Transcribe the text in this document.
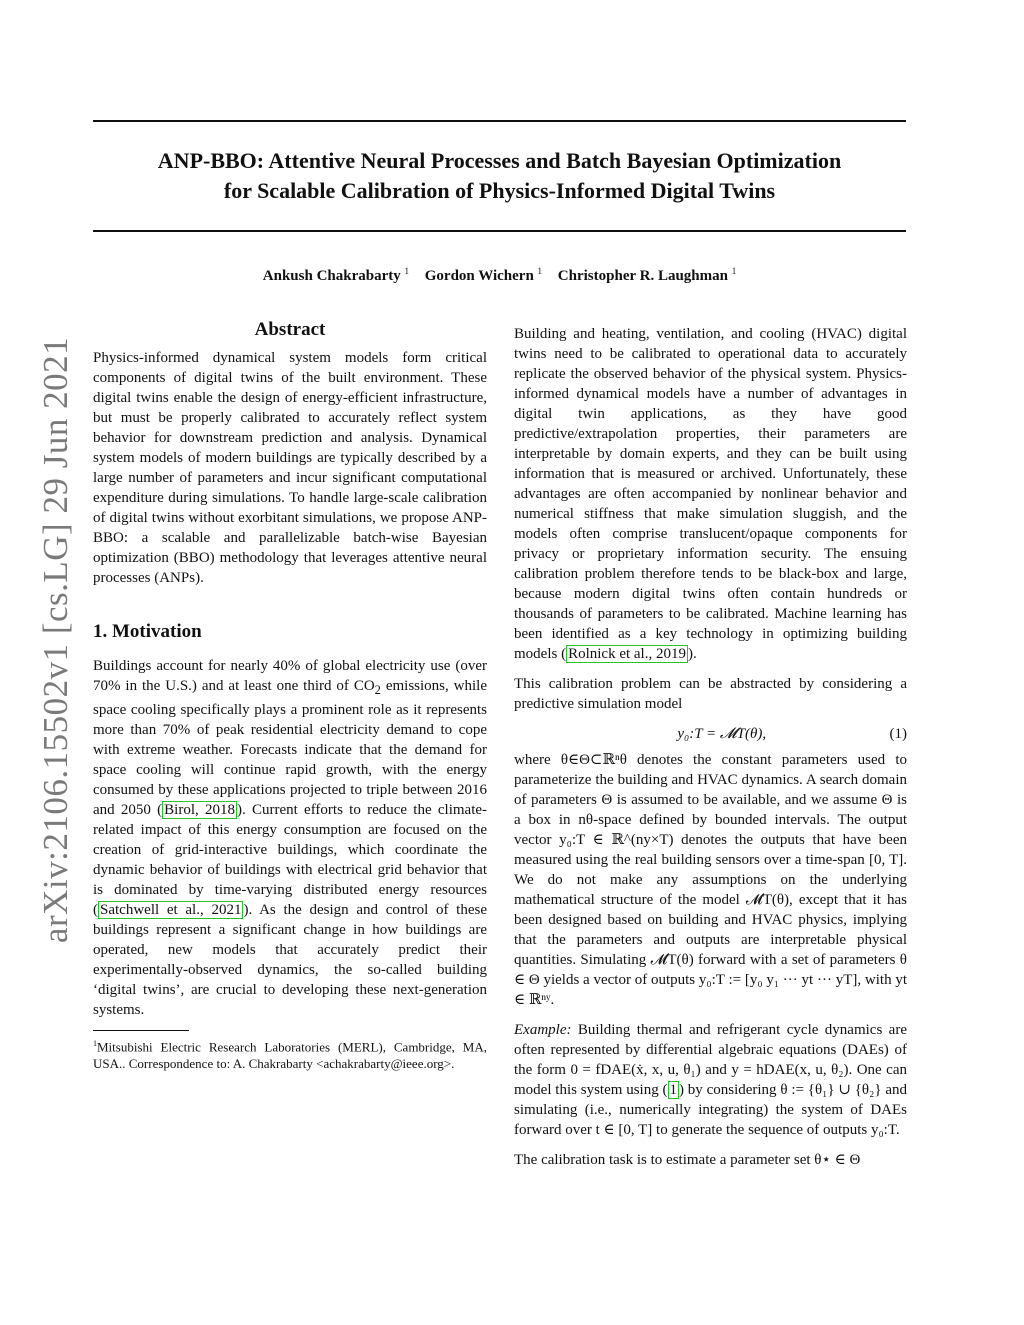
arXiv:2106.15502v1 [cs.LG] 29 Jun 2021
ANP-BBO: Attentive Neural Processes and Batch Bayesian Optimization
for Scalable Calibration of Physics-Informed Digital Twins
Ankush Chakrabarty $^1$ Gordon Wichern $^1$ Christopher R. Laughman $^1$
Abstract

Physics-informed dynamical system models form critical components of digital twins of the built environment. These digital twins enable the design of energy-efficient infrastructure, but must be properly calibrated to accurately reflect system behavior for downstream prediction and analysis. Dynamical system models of modern buildings are typically described by a large number of parameters and incur significant computational expenditure during simulations. To handle large-scale calibration of digital twins without exorbitant simulations, we propose ANP-BBO: a scalable and parallelizable batch-wise Bayesian optimization (BBO) methodology that leverages attentive neural processes (ANPs).

1. Motivation

Buildings account for nearly 40% of global electricity use (over 70% in the U.S.) and at least one third of $CO_2$ emissions, while space cooling specifically plays a prominent role as it represents more than 70% of peak residential electricity demand to cope with extreme weather. Forecasts indicate that the demand for space cooling will continue rapid growth, with the energy consumed by these applications projected to triple between 2016 and 2050 ( Birol, 2018 ). Current efforts to reduce the climate-related impact of this energy consumption are focused on the creation of grid-interactive buildings, which coordinate the dynamic behavior of buildings with electrical grid behavior that is dominated by time-varying distributed energy resources ( Satchwell et al., 2021 ). As the design and control of these buildings represent a significant change in how buildings are operated, new models that accurately predict their experimentally-observed dynamics, the so-called building ‘digital twins’, are crucial to developing these next-generation systems.

$^1$Mitsubishi Electric Research Laboratories (MERL), Cambridge, MA, USA.. Correspondence to: A. Chakrabarty <achakrabarty@ieee.org>.

Building and heating, ventilation, and cooling (HVAC) digital twins need to be calibrated to operational data to accurately replicate the observed behavior of the physical system. Physics-informed dynamical models have a number of advantages in digital twin applications, as they have good predictive/extrapolation properties, their parameters are interpretable by domain experts, and they can be built using information that is measured or archived. Unfortunately, these advantages are often accompanied by nonlinear behavior and numerical stiffness that make simulation sluggish, and the models often comprise translucent/opaque components for privacy or proprietary information security. The ensuing calibration problem therefore tends to be black-box and large, because modern digital twins often contain hundreds or thousands of parameters to be calibrated. Machine learning has been identified as a key technology in optimizing building models ( Rolnick et al., 2019 ).

This calibration problem can be abstracted by considering a predictive simulation model

y₀:T = 𝓜T(θ),	(1)

where θ∈Θ⊂ℝⁿθ denotes the constant parameters used to parameterize the building and HVAC dynamics. A search domain of parameters Θ is assumed to be available, and we assume Θ is a box in nθ-space defined by bounded intervals. The output vector y₀:T ∈ ℝ^(ny×T) denotes the outputs that have been measured using the real building sensors over a time-span [0, T]. We do not make any assumptions on the underlying mathematical structure of the model 𝓜T(θ), except that it has been designed based on building and HVAC physics, implying that the parameters and outputs are interpretable physical quantities. Simulating 𝓜T(θ) forward with a set of parameters θ ∈ Θ yields a vector of outputs y₀:T := [y₀ y₁ ··· yt ··· yT], with yt ∈ ℝⁿʸ.

Example: Building thermal and refrigerant cycle dynamics are often represented by differential algebraic equations (DAEs) of the form 0 = fDAE(ẋ, x, u, θ₁) and y = hDAE(x, u, θ₂). One can model this system using ( 1 ) by considering θ := {θ₁} ∪ {θ₂} and simulating (i.e., numerically integrating) the system of DAEs forward over t ∈ [0, T] to generate the sequence of outputs y₀:T.

The calibration task is to estimate a parameter set θ⋆ ∈ Θ
